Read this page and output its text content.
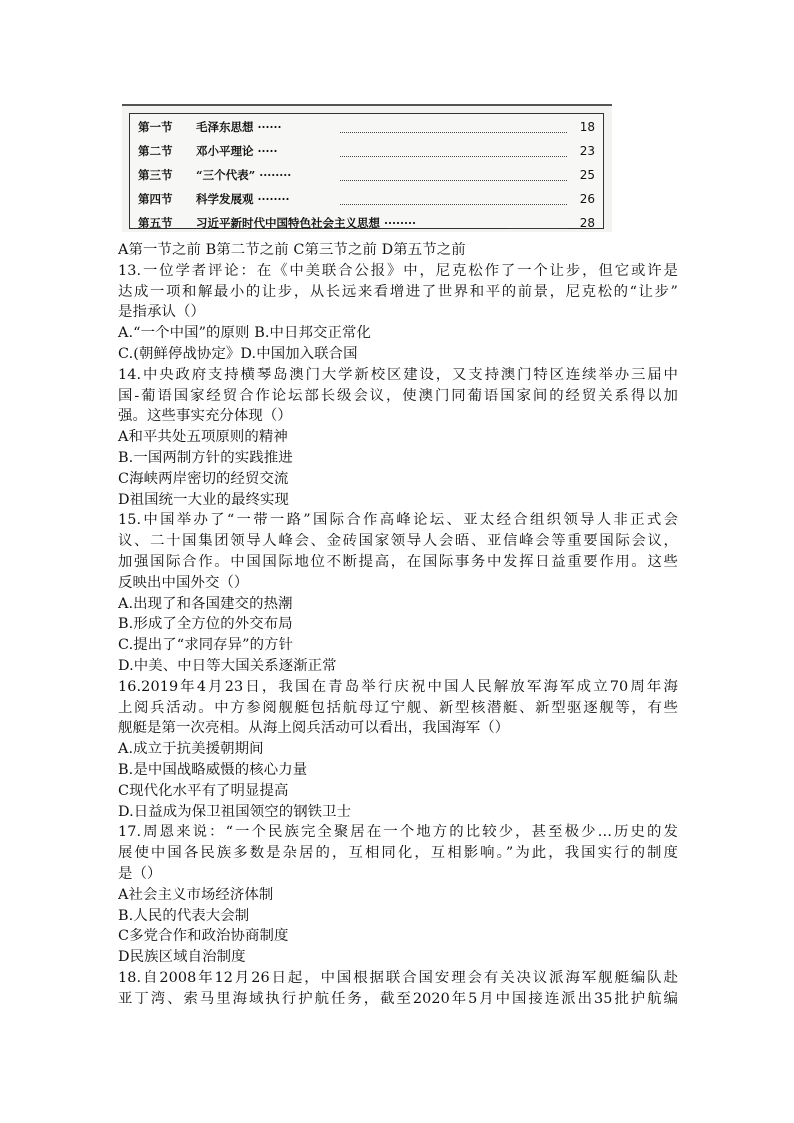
第一节 毛泽东思想 ······	18
第二节 邓小平理论 ·····	23
第三节 “三个代表” ········	25
第四节 科学发展观 ········	26
第五节 习近平新时代中国特色社会主义思想 ········	28
A第一节之前 B第二节之前 C第三节之前 D第五节之前
13.一位学者评论：在《中美联合公报》中，尼克松作了一个让步，但它或许是
达成一项和解最小的让步，从长远来看增进了世界和平的前景，尼克松的“让步”
是指承认（）
A.“一个中国”的原则 B.中日邦交正常化
C.(朝鲜停战协定》D.中国加入联合国
14.中央政府支持横琴岛澳门大学新校区建设，又支持澳门特区连续举办三届中
国-葡语国家经贸合作论坛部长级会议，使澳门同葡语国家间的经贸关系得以加
强。这些事实充分体现（）
A和平共处五项原则的精神
B.一国两制方针的实践推进
C海峡两岸密切的经贸交流
D祖国统一大业的最终实现
15.中国举办了“一带一路”国际合作高峰论坛、亚太经合组织领导人非正式会
议、二十国集团领导人峰会、金砖国家领导人会晤、亚信峰会等重要国际会议，
加强国际合作。中国国际地位不断提高，在国际事务中发挥日益重要作用。这些
反映出中国外交（）
A.出现了和各国建交的热潮
B.形成了全方位的外交布局
C.提出了“求同存异”的方针
D.中美、中日等大国关系逐渐正常
16.2019年4月23日，我国在青岛举行庆祝中国人民解放军海军成立70周年海
上阅兵活动。中方参阅舰艇包括航母辽宁舰、新型核潜艇、新型驱逐舰等，有些
舰艇是第一次亮相。从海上阅兵活动可以看出，我国海军（）
A.成立于抗美援朝期间
B.是中国战略威慑的核心力量
C现代化水平有了明显提高
D.日益成为保卫祖国领空的钢铁卫士
17.周恩来说：“一个民族完全聚居在一个地方的比较少，甚至极少…历史的发
展使中国各民族多数是杂居的，互相同化，互相影响。”为此，我国实行的制度
是（）
A社会主义市场经济体制
B.人民的代表大会制
C多党合作和政治协商制度
D民族区域自治制度
18.自2008年12月26日起，中国根据联合国安理会有关决议派海军舰艇编队赴
亚丁湾、索马里海域执行护航任务，截至2020年5月中国接连派出35批护航编
